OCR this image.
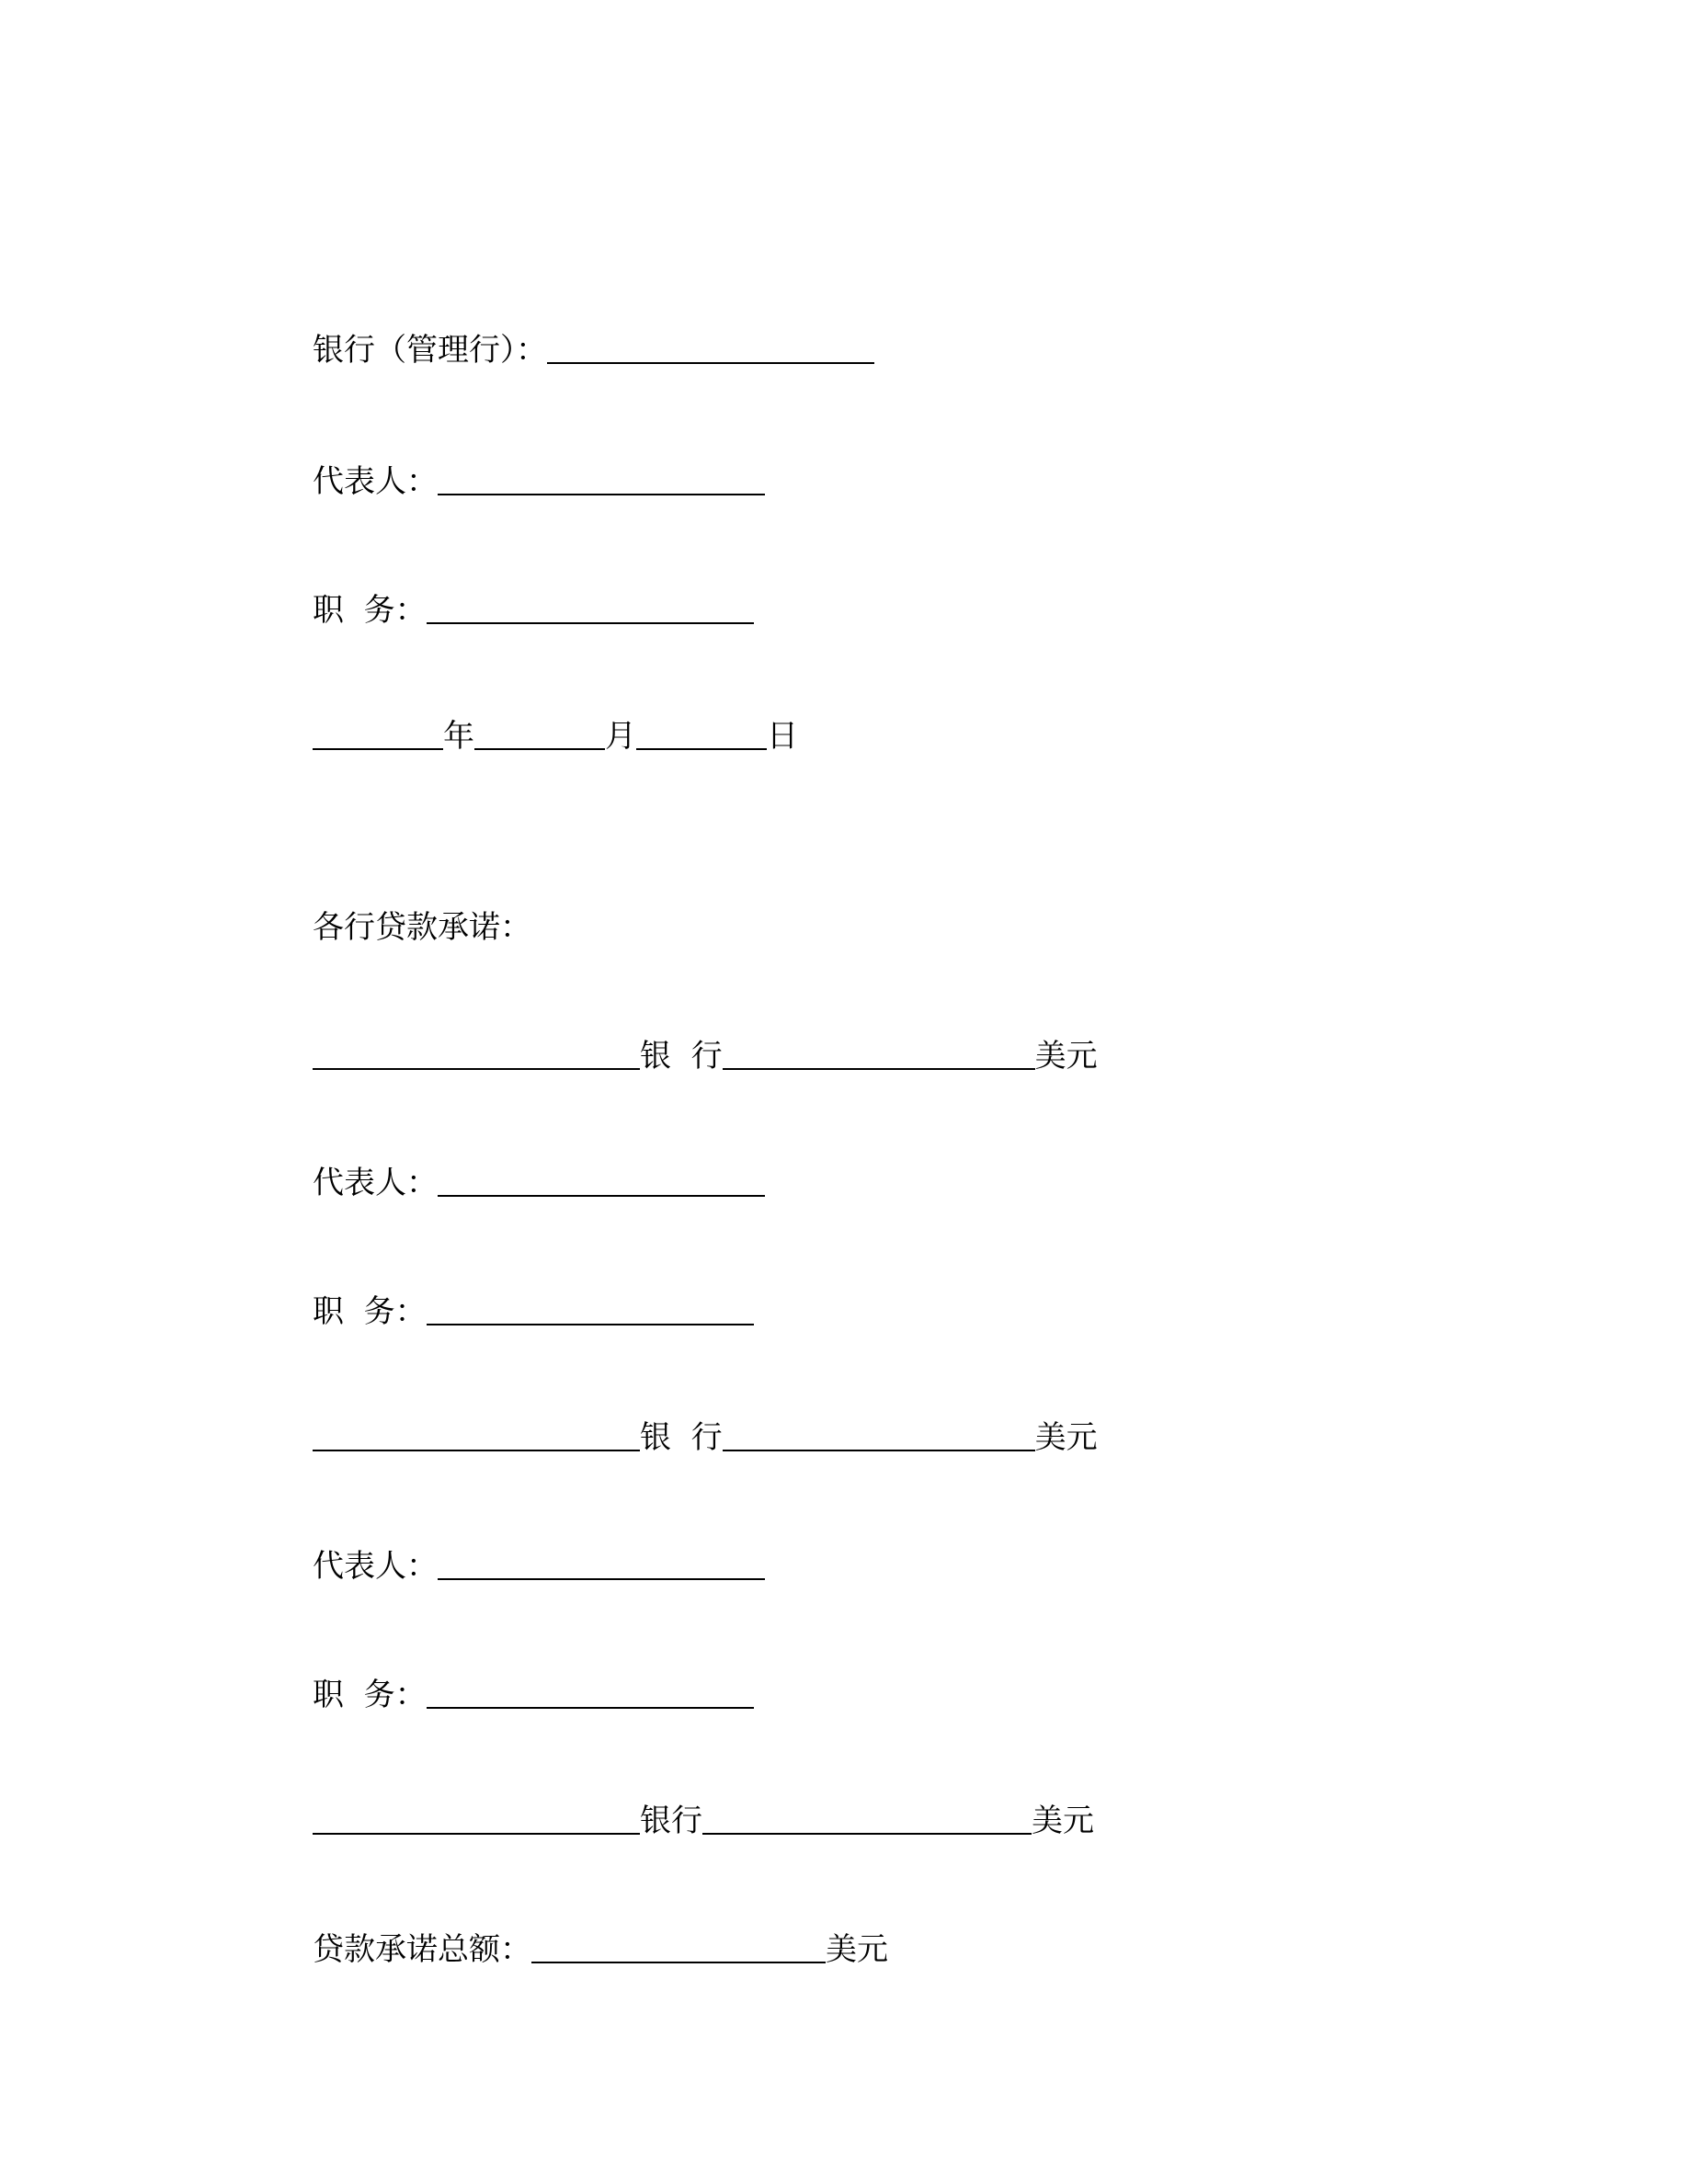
银行（管理行）：
代表人：
职  务：
年	月	日
各行贷款承诺：
银  行	美元
代表人：
职  务：
银  行	美元
代表人：
职  务：
银行	美元
贷款承诺总额：	美元
